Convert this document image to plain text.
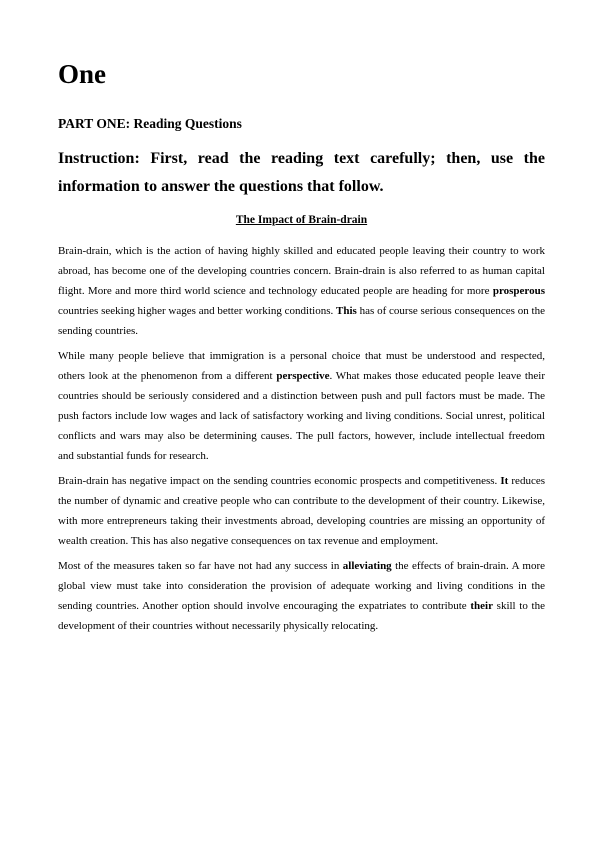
One
PART ONE: Reading Questions

Instruction: First, read the reading text carefully; then, use the information to answer the questions that follow.

The Impact of Brain-drain

Brain-drain, which is the action of having highly skilled and educated people leaving their country to work abroad, has become one of the developing countries concern. Brain-drain is also referred to as human capital flight. More and more third world science and technology educated people are heading for more prosperous countries seeking higher wages and better working conditions. This has of course serious consequences on the sending countries.

While many people believe that immigration is a personal choice that must be understood and respected, others look at the phenomenon from a different perspective. What makes those educated people leave their countries should be seriously considered and a distinction between push and pull factors must be made. The push factors include low wages and lack of satisfactory working and living conditions. Social unrest, political conflicts and wars may also be determining causes. The pull factors, however, include intellectual freedom and substantial funds for research.

Brain-drain has negative impact on the sending countries economic prospects and competitiveness. It reduces the number of dynamic and creative people who can contribute to the development of their country. Likewise, with more entrepreneurs taking their investments abroad, developing countries are missing an opportunity of wealth creation. This has also negative consequences on tax revenue and employment.

Most of the measures taken so far have not had any success in alleviating the effects of brain-drain. A more global view must take into consideration the provision of adequate working and living conditions in the sending countries. Another option should involve encouraging the expatriates to contribute their skill to the development of their countries without necessarily physically relocating.
